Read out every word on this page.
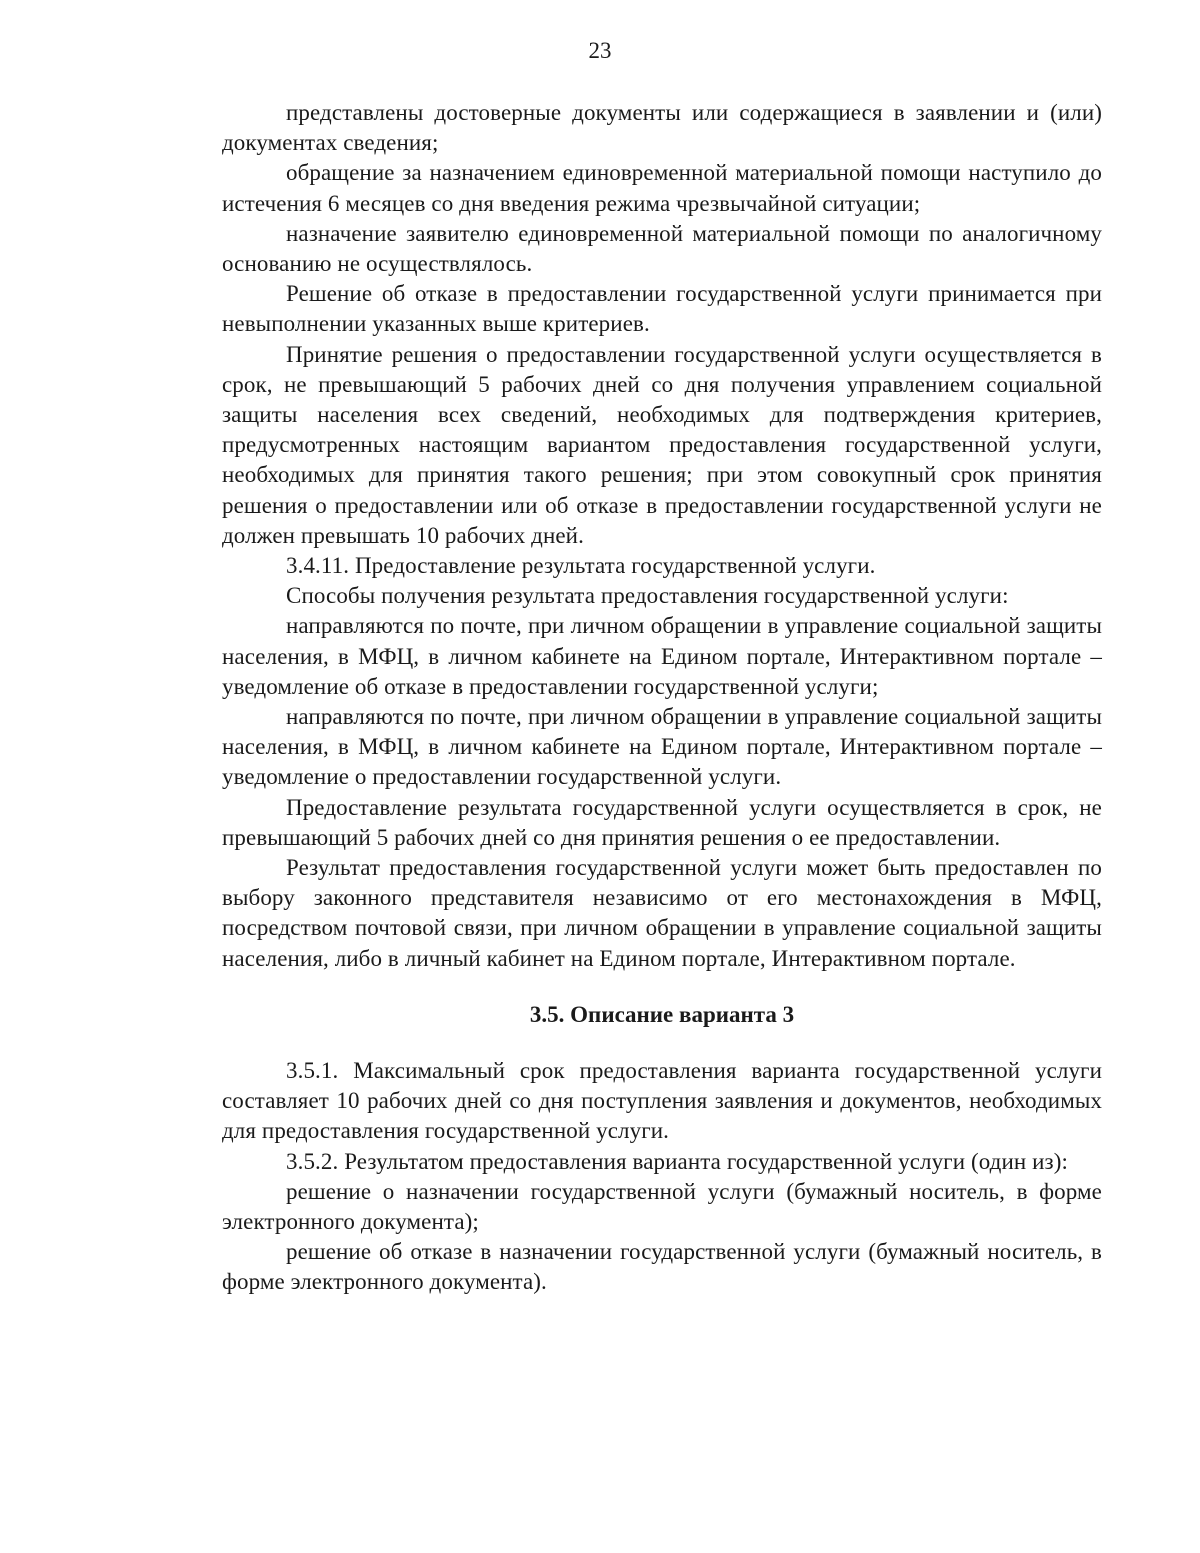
23

представлены достоверные документы или содержащиеся в заявлении и (или) документах сведения;

обращение за назначением единовременной материальной помощи наступило до истечения 6 месяцев со дня введения режима чрезвычайной ситуации;

назначение заявителю единовременной материальной помощи по аналогичному основанию не осуществлялось.

Решение об отказе в предоставлении государственной услуги принимается при невыполнении указанных выше критериев.

Принятие решения о предоставлении государственной услуги осуществляется в срок, не превышающий 5 рабочих дней со дня получения управлением социальной защиты населения всех сведений, необходимых для подтверждения критериев, предусмотренных настоящим вариантом предоставления государственной услуги, необходимых для принятия такого решения; при этом совокупный срок принятия решения о предоставлении или об отказе в предоставлении государственной услуги не должен превышать 10 рабочих дней.

3.4.11. Предоставление результата государственной услуги.

Способы получения результата предоставления государственной услуги:

направляются по почте, при личном обращении в управление социальной защиты населения, в МФЦ, в личном кабинете на Едином портале, Интерактивном портале – уведомление об отказе в предоставлении государственной услуги;

направляются по почте, при личном обращении в управление социальной защиты населения, в МФЦ, в личном кабинете на Едином портале, Интерактивном портале – уведомление о предоставлении государственной услуги.

Предоставление результата государственной услуги осуществляется в срок, не превышающий 5 рабочих дней со дня принятия решения о ее предоставлении.

Результат предоставления государственной услуги может быть предоставлен по выбору законного представителя независимо от его местонахождения в МФЦ, посредством почтовой связи, при личном обращении в управление социальной защиты населения, либо в личный кабинет на Едином портале, Интерактивном портале.

3.5. Описание варианта 3

3.5.1. Максимальный срок предоставления варианта государственной услуги составляет 10 рабочих дней со дня поступления заявления и документов, необходимых для предоставления государственной услуги.

3.5.2. Результатом предоставления варианта государственной услуги (один из):

решение о назначении государственной услуги (бумажный носитель, в форме электронного документа);

решение об отказе в назначении государственной услуги (бумажный носитель, в форме электронного документа).
